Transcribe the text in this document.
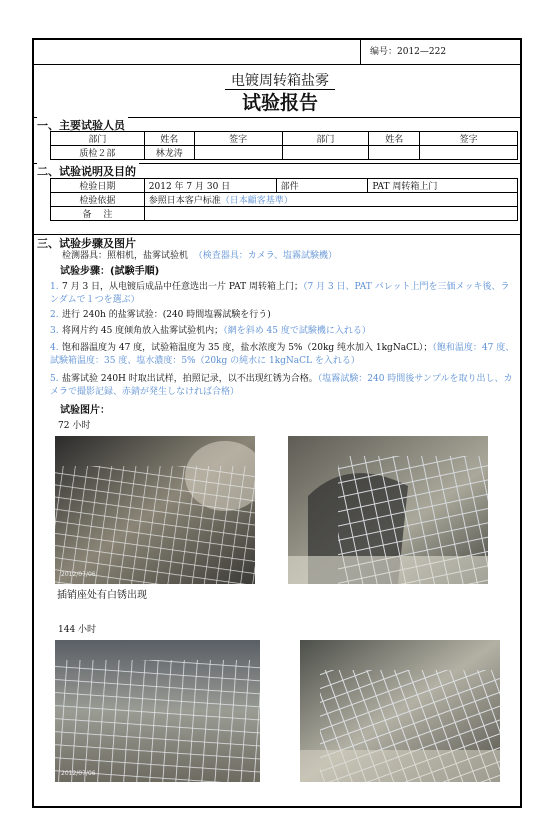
编号：2012—222
电镀周转箱盐雾
试验报告
一、主要试验人员
部门	姓名	签字	部门	姓名	签字
质检２部	林龙涛				
二、试验说明及目的
检验日期	2012 年 7 月 30 日	部件	PAT 周转箱上门
检验依据	参照日本客户标准（日本顧客基準）		
备　 注			
三、试验步骤及图片
检测器具：照相机，盐雾试验机 （検査器具：カメラ、塩霧試験機）
试验步骤：(試験手順)
1. 7 月 3 日，从电镀后成品中任意选出一片 PAT 周转箱上门；（7 月 3 日、PAT パレット上門を三価メッキ後、ランダムで１つを選ぶ）
2. 进行 240h 的盐雾试验：(240 時間塩霧試験を行う)
3. 将网片约 45 度倾角放入盐雾试验机内；（網を斜め 45 度で試験機に入れる）
4. 饱和器温度为 47 度，试验箱温度为 35 度，盐水浓度为 5%（20kg 纯水加入 1kgNaCL）；（飽和温度：47 度、試験箱温度：35 度、塩水濃度：5%（20kg の純水に 1kgNaCL を入れる）
5. 盐雾试验 240H 时取出试样，拍照记录，以不出现红锈为合格。（塩霧試験：240 時間後サンプルを取り出し、カメラで撮影記録、赤錆が発生しなければ合格）
试验图片：
72 小时
2012/07/06
插销座处有白锈出现
144 小时
2012/07/06
